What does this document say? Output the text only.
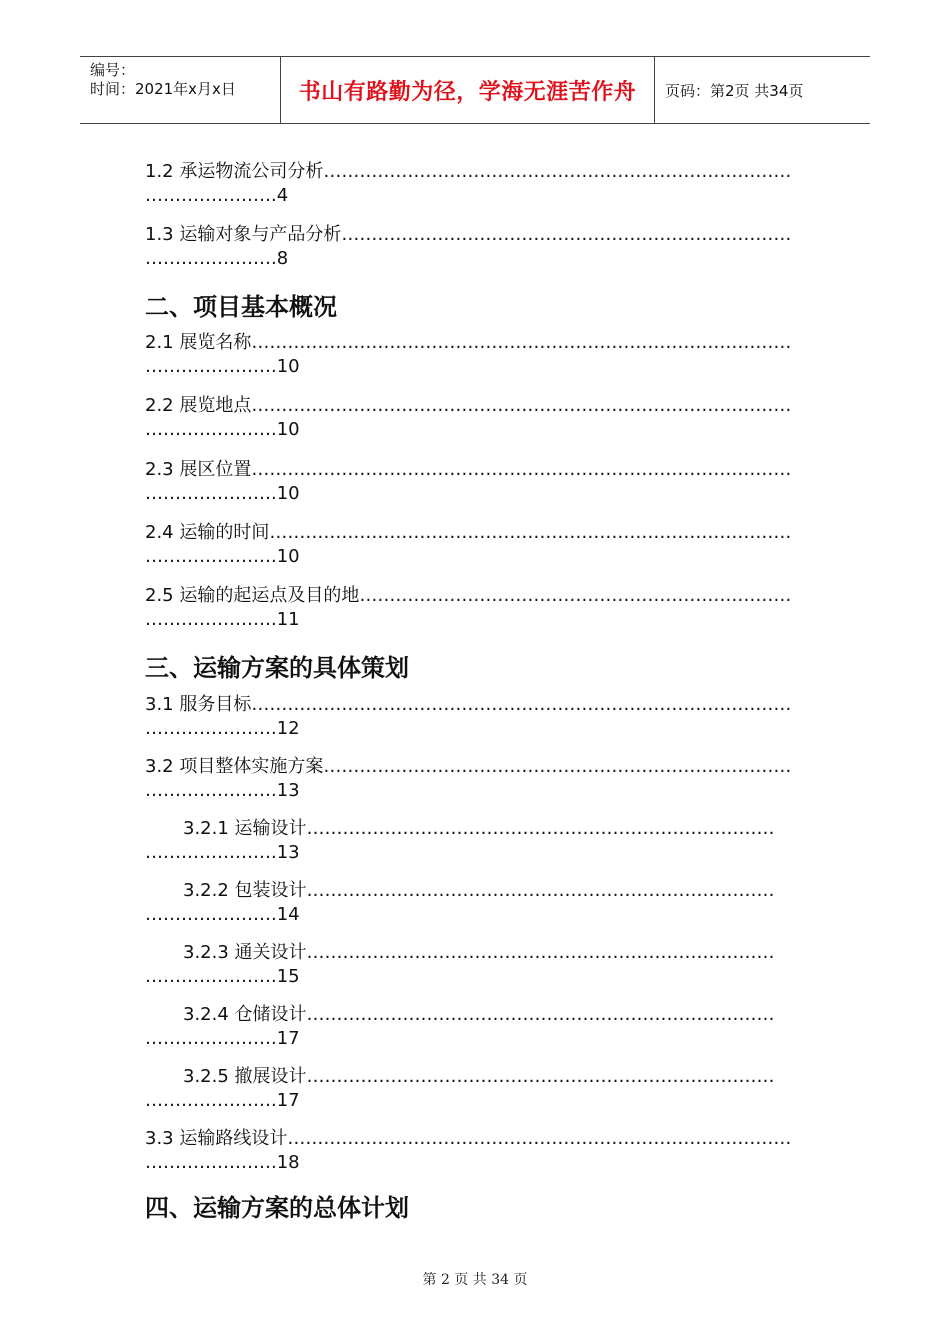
编号：
时间：2021年x月x日	书山有路勤为径，学海无涯苦作舟	页码：第2页 共34页
第 2 页 共 34 页
1.2 承运物流公司分析……………………………………………………………………
………………….4
1.3 运输对象与产品分析…………………………………………………………………
………………….8
二、项目基本概况
2.1 展览名称………………………………………………………………………………
………………….10
2.2 展览地点………………………………………………………………………………
………………….10
2.3 展区位置………………………………………………………………………………
………………….10
2.4 运输的时间……………………………………………………………………………
………………….10
2.5 运输的起运点及目的地………………………………………………………………
………………….11
三、运输方案的具体策划
3.1 服务目标………………………………………………………………………………
………………….12
3.2 项目整体实施方案……………………………………………………………………
………………….13
3.2.1 运输设计……………………………………………………………………
………………….13
3.2.2 包装设计……………………………………………………………………
………………….14
3.2.3 通关设计……………………………………………………………………
………………….15
3.2.4 仓储设计……………………………………………………………………
………………….17
3.2.5 撤展设计……………………………………………………………………
………………….17
3.3 运输路线设计…………………………………………………………………………
………………….18
四、运输方案的总体计划
